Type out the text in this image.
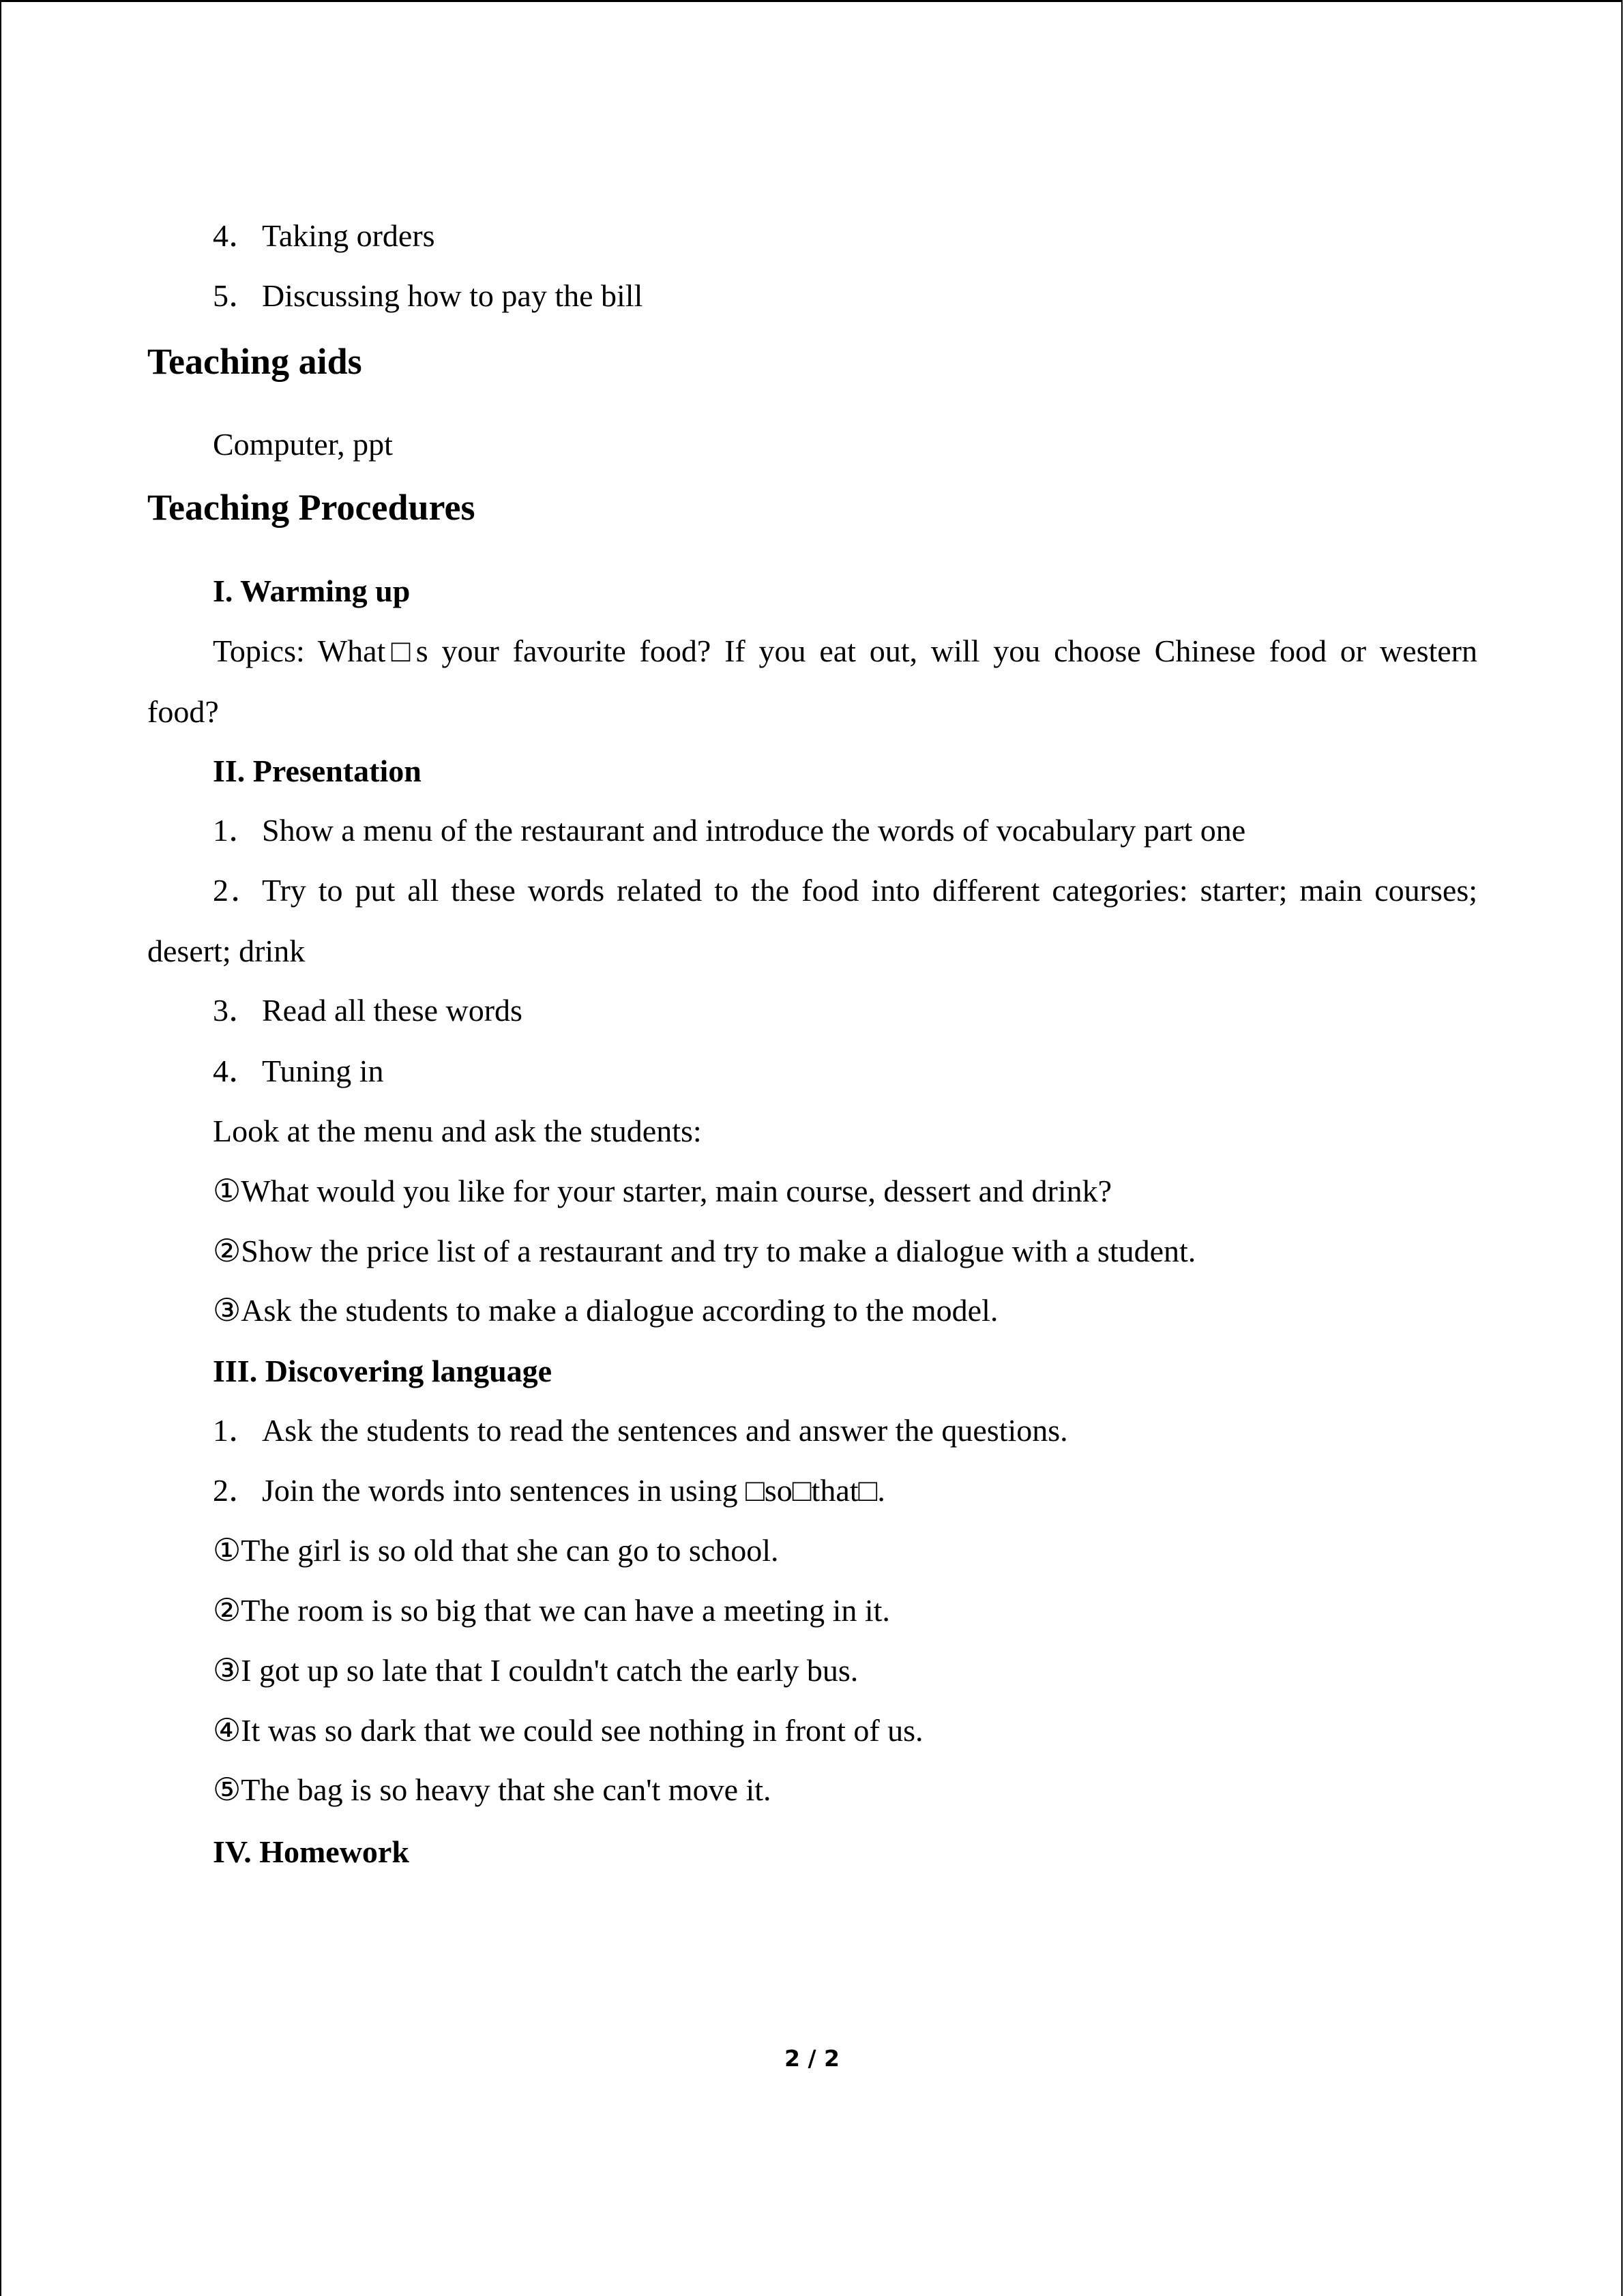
4．Taking orders
5．Discussing how to pay the bill
Teaching aids
Computer, ppt
Teaching Procedures
I. Warming up
Topics: What□s your favourite food? If you eat out, will you choose Chinese food or western
food?
II. Presentation
1．Show a menu of the restaurant and introduce the words of vocabulary part one
2．Try to put all these words related to the food into different categories: starter; main courses;
desert; drink
3．Read all these words
4．Tuning in
Look at the menu and ask the students:
①What would you like for your starter, main course, dessert and drink?
②Show the price list of a restaurant and try to make a dialogue with a student.
③Ask the students to make a dialogue according to the model.
III. Discovering language
1．Ask the students to read the sentences and answer the questions.
2．Join the words into sentences in using □so□that□.
①The girl is so old that she can go to school.
②The room is so big that we can have a meeting in it.
③I got up so late that I couldn't catch the early bus.
④It was so dark that we could see nothing in front of us.
⑤The bag is so heavy that she can't move it.
IV. Homework
2 / 2
